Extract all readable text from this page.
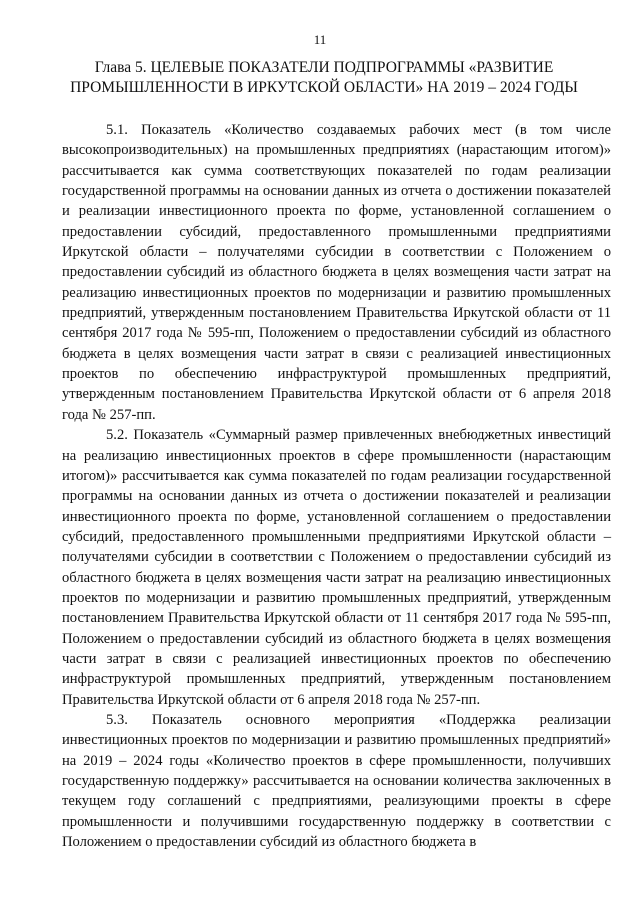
11
Глава 5. ЦЕЛЕВЫЕ ПОКАЗАТЕЛИ ПОДПРОГРАММЫ «РАЗВИТИЕ ПРОМЫШЛЕННОСТИ В ИРКУТСКОЙ ОБЛАСТИ» НА 2019 – 2024 ГОДЫ

5.1. Показатель «Количество создаваемых рабочих мест (в том числе высокопроизводительных) на промышленных предприятиях (нарастающим итогом)» рассчитывается как сумма соответствующих показателей по годам реализации государственной программы на основании данных из отчета о достижении показателей и реализации инвестиционного проекта по форме, установленной соглашением о предоставлении субсидий, предоставленного промышленными предприятиями Иркутской области – получателями субсидии в соответствии с Положением о предоставлении субсидий из областного бюджета в целях возмещения части затрат на реализацию инвестиционных проектов по модернизации и развитию промышленных предприятий, утвержденным постановлением Правительства Иркутской области от 11 сентября 2017 года № 595-пп, Положением о предоставлении субсидий из областного бюджета в целях возмещения части затрат в связи с реализацией инвестиционных проектов по обеспечению инфраструктурой промышленных предприятий, утвержденным постановлением Правительства Иркутской области от 6 апреля 2018 года № 257-пп.

5.2. Показатель «Суммарный размер привлеченных внебюджетных инвестиций на реализацию инвестиционных проектов в сфере промышленности (нарастающим итогом)» рассчитывается как сумма показателей по годам реализации государственной программы на основании данных из отчета о достижении показателей и реализации инвестиционного проекта по форме, установленной соглашением о предоставлении субсидий, предоставленного промышленными предприятиями Иркутской области – получателями субсидии в соответствии с Положением о предоставлении субсидий из областного бюджета в целях возмещения части затрат на реализацию инвестиционных проектов по модернизации и развитию промышленных предприятий, утвержденным постановлением Правительства Иркутской области от 11 сентября 2017 года № 595-пп, Положением о предоставлении субсидий из областного бюджета в целях возмещения части затрат в связи с реализацией инвестиционных проектов по обеспечению инфраструктурой промышленных предприятий, утвержденным постановлением Правительства Иркутской области от 6 апреля 2018 года № 257-пп.

5.3. Показатель основного мероприятия «Поддержка реализации инвестиционных проектов по модернизации и развитию промышленных предприятий» на 2019 – 2024 годы «Количество проектов в сфере промышленности, получивших государственную поддержку» рассчитывается на основании количества заключенных в текущем году соглашений с предприятиями, реализующими проекты в сфере промышленности и получившими государственную поддержку в соответствии с Положением о предоставлении субсидий из областного бюджета в
